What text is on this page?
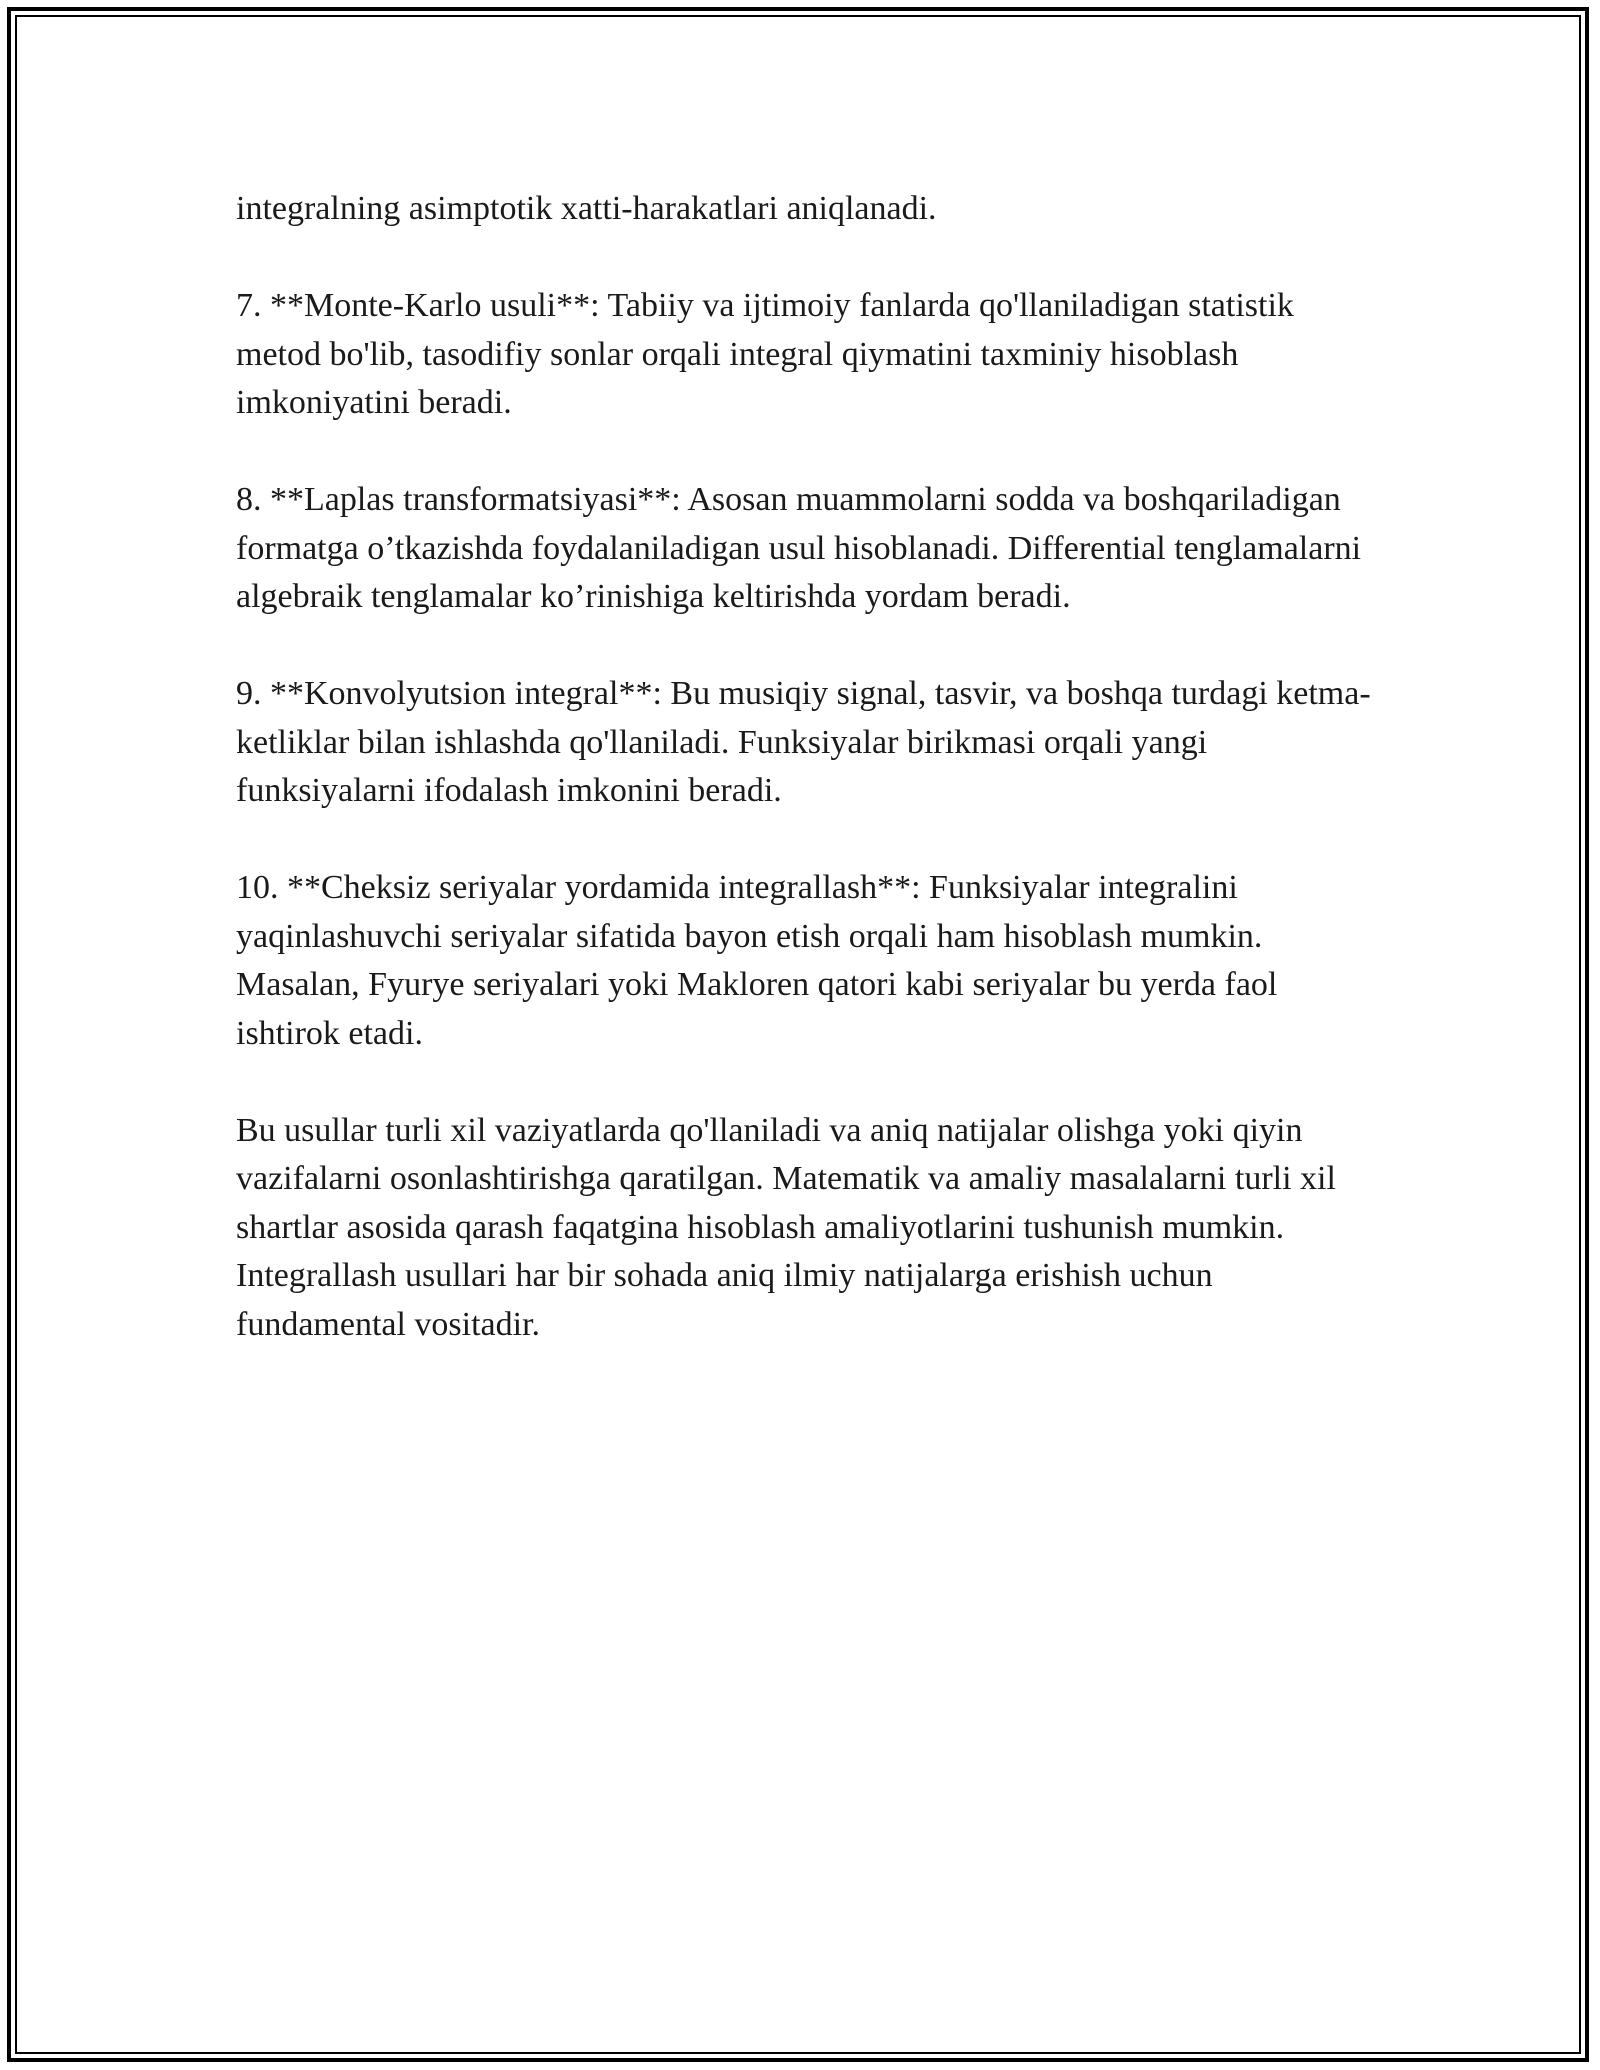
integralning asimptotik xatti-harakatlari aniqlanadi.

7. **Monte-Karlo usuli**: Tabiiy va ijtimoiy fanlarda qo'llaniladigan statistik metod bo'lib, tasodifiy sonlar orqali integral qiymatini taxminiy hisoblash imkoniyatini beradi.

8. **Laplas transformatsiyasi**: Asosan muammolarni sodda va boshqariladigan formatga o’tkazishda foydalaniladigan usul hisoblanadi. Differential tenglamalarni algebraik tenglamalar ko’rinishiga keltirishda yordam beradi.

9. **Konvolyutsion integral**: Bu musiqiy signal, tasvir, va boshqa turdagi ketma-ketliklar bilan ishlashda qo'llaniladi. Funksiyalar birikmasi orqali yangi funksiyalarni ifodalash imkonini beradi.

10. **Cheksiz seriyalar yordamida integrallash**: Funksiyalar integralini yaqinlashuvchi seriyalar sifatida bayon etish orqali ham hisoblash mumkin. Masalan, Fyurye seriyalari yoki Makloren qatori kabi seriyalar bu yerda faol ishtirok etadi.

Bu usullar turli xil vaziyatlarda qo'llaniladi va aniq natijalar olishga yoki qiyin vazifalarni osonlashtirishga qaratilgan. Matematik va amaliy masalalarni turli xil shartlar asosida qarash faqatgina hisoblash amaliyotlarini tushunish mumkin. Integrallash usullari har bir sohada aniq ilmiy natijalarga erishish uchun fundamental vositadir.
